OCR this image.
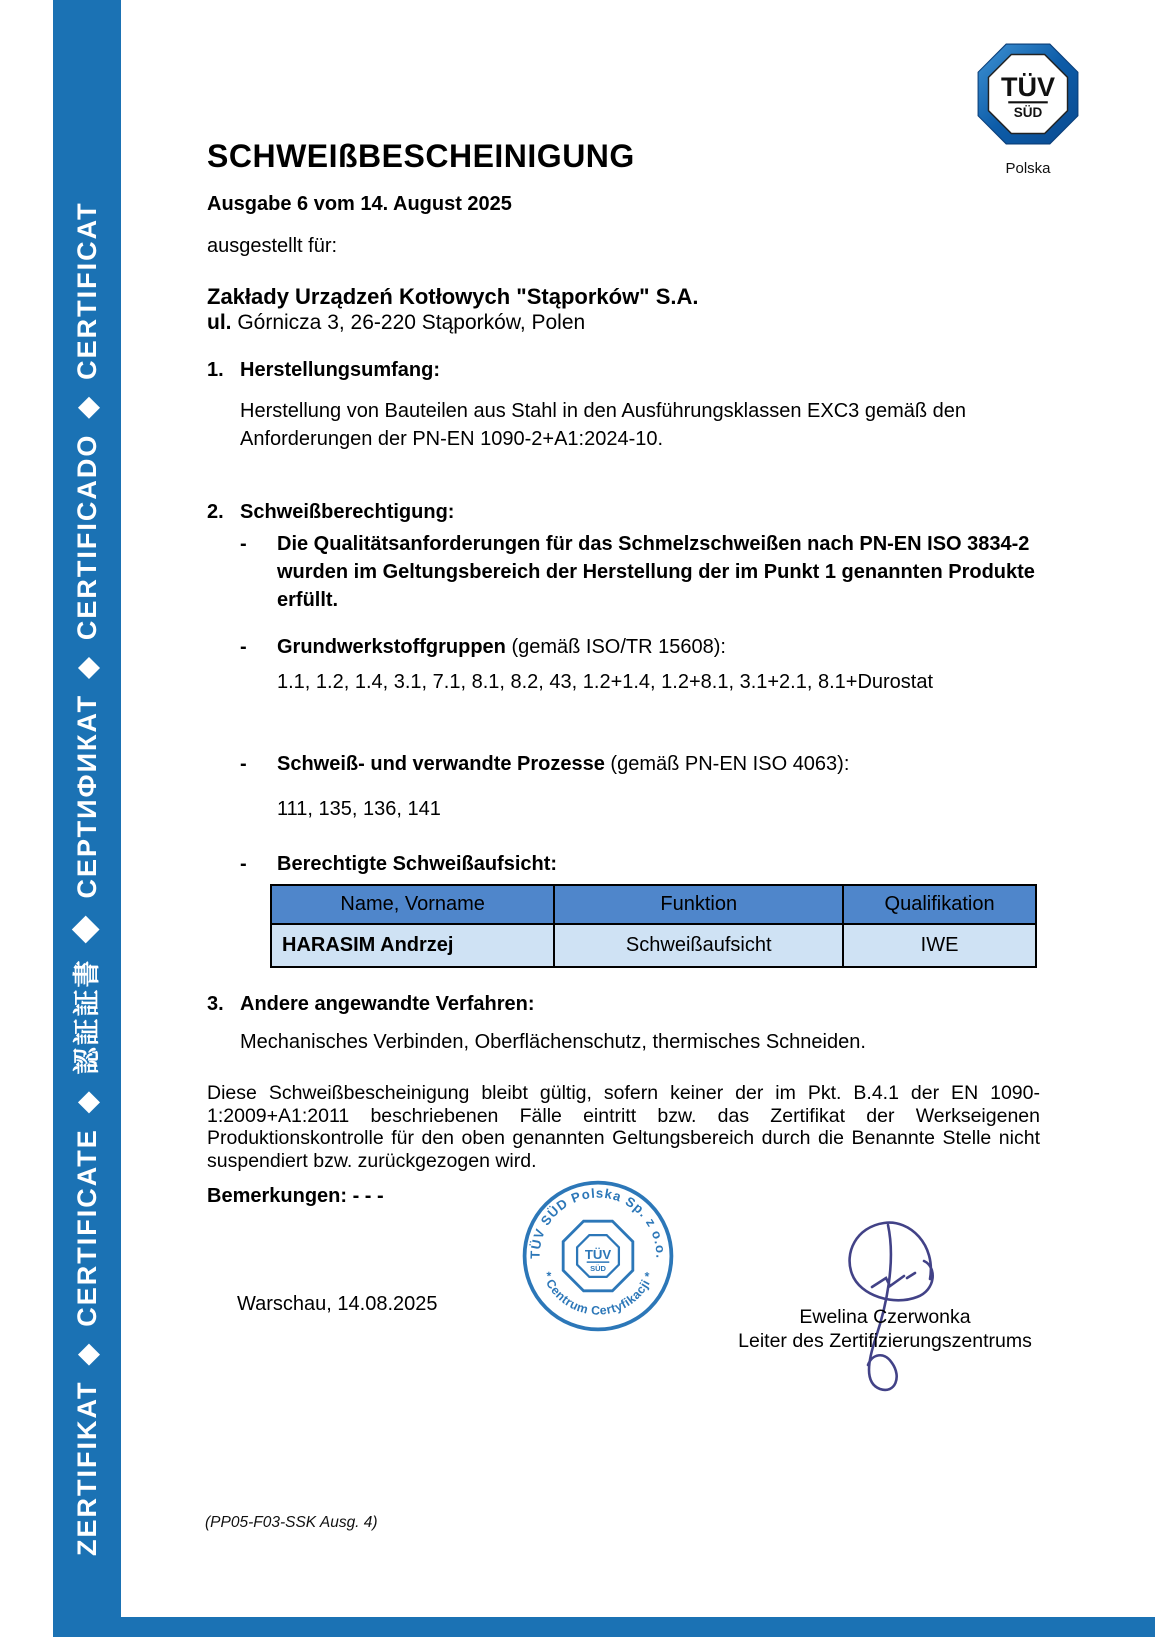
ZERTIFIKAT ◆ CERTIFICATE ◆ 認証証書 ◆ СЕРТИФИКАТ ◆ CERTIFICADO ◆ CERTIFICAT
TÜV
SÜD
Polska
SCHWEIßBESCHEINIGUNG
Ausgabe 6 vom 14. August 2025
ausgestellt für:
Zakłady Urządzeń Kotłowych "Stąporków" S.A.
ul. Górnicza 3, 26-220 Stąporków, Polen
1. Herstellungsumfang:
Herstellung von Bauteilen aus Stahl in den Ausführungsklassen EXC3 gemäß den Anforderungen der PN-EN 1090-2+A1:2024-10.
2. Schweißberechtigung:
-	Die Qualitätsanforderungen für das Schmelzschweißen nach PN-EN ISO 3834-2 wurden im Geltungsbereich der Herstellung der im Punkt 1 genannten Produkte erfüllt.
-	Grundwerkstoffgruppen (gemäß ISO/TR 15608):
1.1, 1.2, 1.4, 3.1, 7.1, 8.1, 8.2, 43, 1.2+1.4, 1.2+8.1, 3.1+2.1, 8.1+Durostat
-	Schweiß- und verwandte Prozesse (gemäß PN-EN ISO 4063):
111, 135, 136, 141
-	Berechtigte Schweißaufsicht:
Name, Vorname	Funktion	Qualifikation
HARASIM Andrzej	Schweißaufsicht	IWE
3. Andere angewandte Verfahren:
Mechanisches Verbinden, Oberflächenschutz, thermisches Schneiden.
Diese Schweißbescheinigung bleibt gültig, sofern keiner der im Pkt. B.4.1 der EN 1090-1:2009+A1:2011 beschriebenen Fälle eintritt bzw. das Zertifikat der Werkseigenen Produktionskontrolle für den oben genannten Geltungsbereich durch die Benannte Stelle nicht suspendiert bzw. zurückgezogen wird.
Bemerkungen: - - -
Warschau, 14.08.2025
TÜV SÜD Polska Sp. z o.o.
* Centrum Certyfikacji *
TÜV
SÜD
Ewelina Czerwonka
Leiter des Zertifizierungszentrums
(PP05-F03-SSK Ausg. 4)
